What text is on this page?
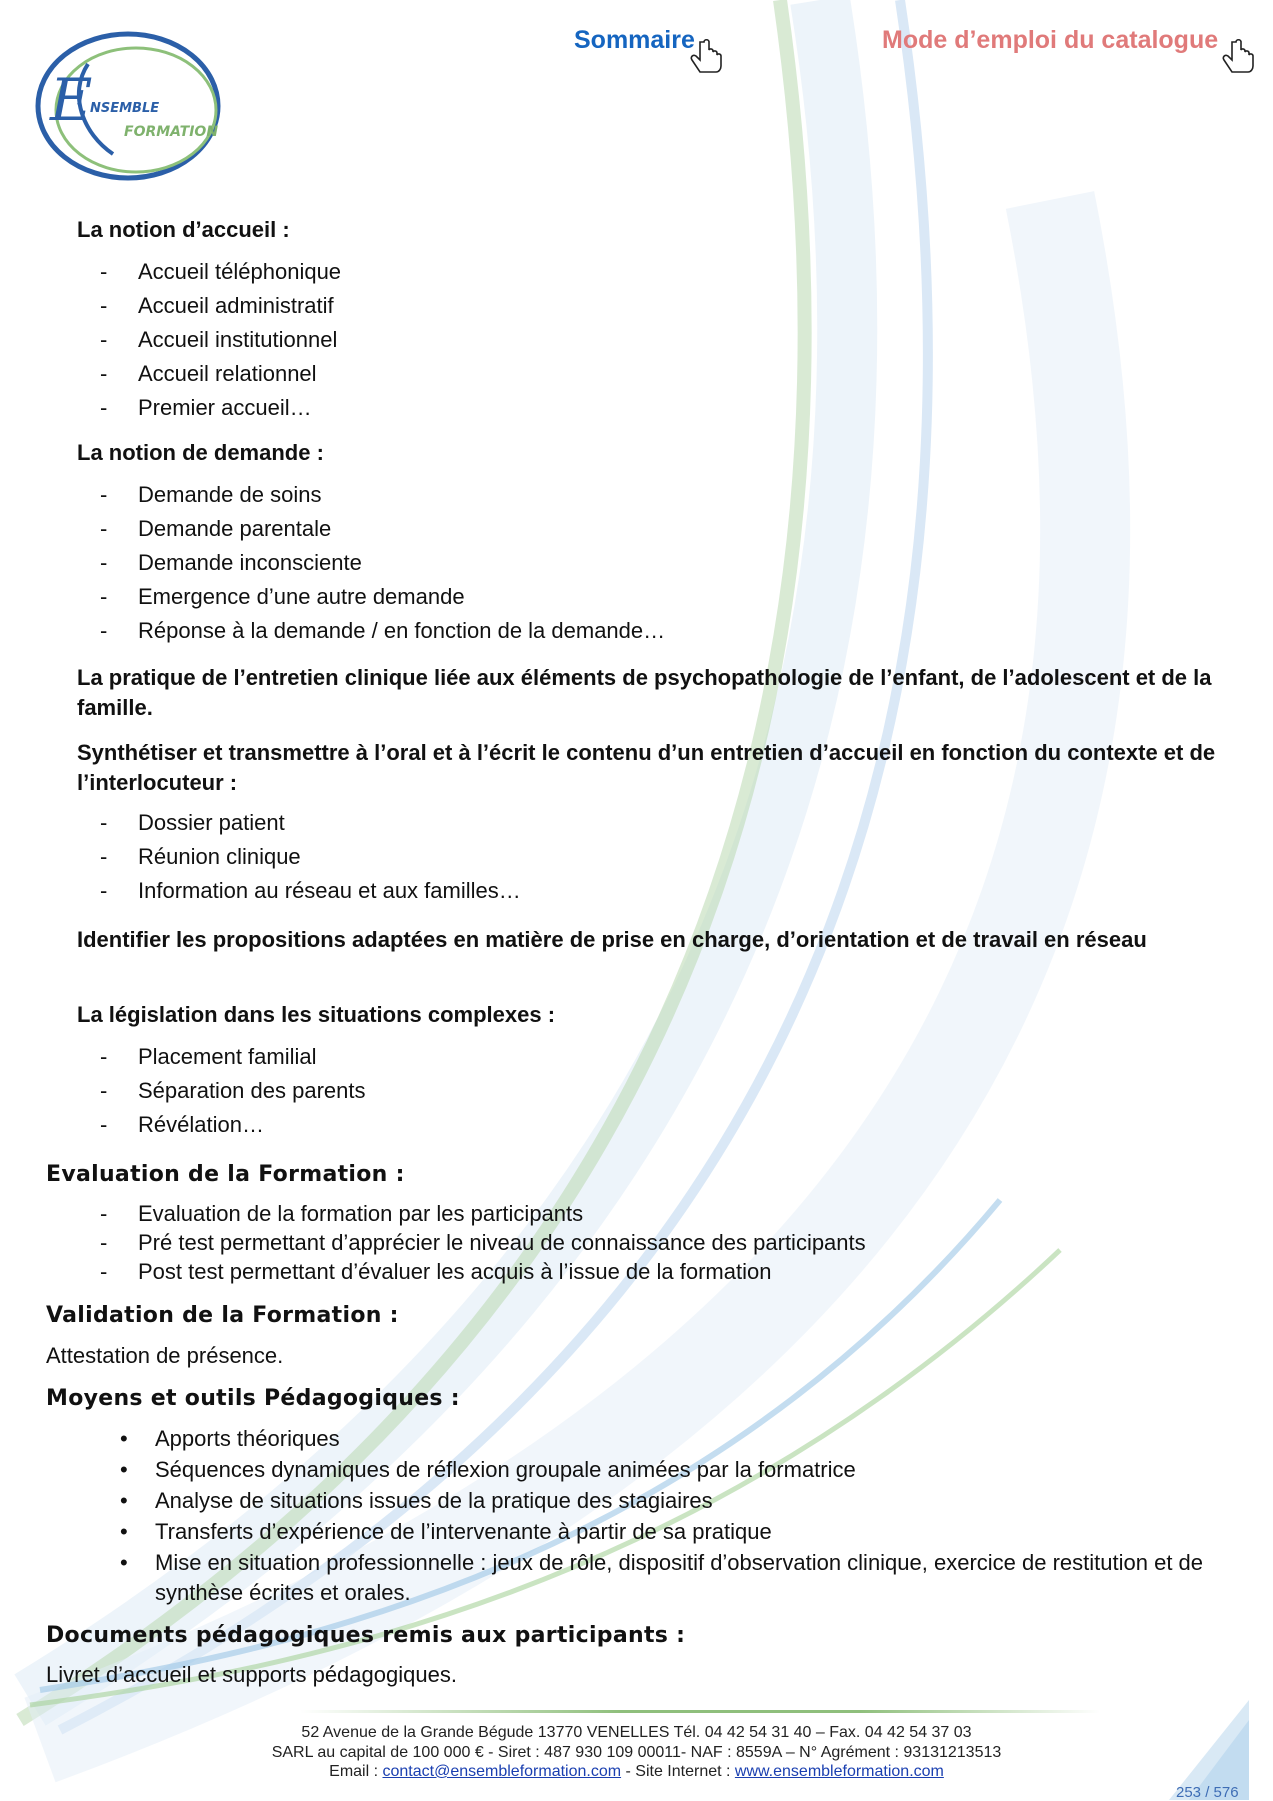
E
NSEMBLE
FORMATION
Sommaire	Mode d’emploi du catalogue
La notion d’accueil :
- Accueil téléphonique
- Accueil administratif
- Accueil institutionnel
- Accueil relationnel
- Premier accueil…
La notion de demande :
- Demande de soins
- Demande parentale
- Demande inconsciente
- Emergence d’une autre demande
- Réponse à la demande / en fonction de la demande…
La pratique de l’entretien clinique liée aux éléments de psychopathologie de l’enfant, de l’adolescent et de la famille.
Synthétiser et transmettre à l’oral et à l’écrit le contenu d’un entretien d’accueil en fonction du contexte et de l’interlocuteur :
- Dossier patient
- Réunion clinique
- Information au réseau et aux familles…
Identifier les propositions adaptées en matière de prise en charge, d’orientation et de travail en réseau
La législation dans les situations complexes :
- Placement familial
- Séparation des parents
- Révélation…
Evaluation de la Formation :
- Evaluation de la formation par les participants
- Pré test permettant d’apprécier le niveau de connaissance des participants
- Post test permettant d’évaluer les acquis à l’issue de la formation
Validation de la Formation :
Attestation de présence.
Moyens et outils Pédagogiques :
• Apports théoriques
• Séquences dynamiques de réflexion groupale animées par la formatrice
• Analyse de situations issues de la pratique des stagiaires
• Transferts d’expérience de l’intervenante à partir de sa pratique
• Mise en situation professionnelle : jeux de rôle, dispositif d’observation clinique, exercice de restitution et de synthèse écrites et orales.
Documents pédagogiques remis aux participants :
Livret d’accueil et supports pédagogiques.
52 Avenue de la Grande Bégude 13770 VENELLES Tél. 04 42 54 31 40 – Fax. 04 42 54 37 03
SARL au capital de 100 000 € - Siret : 487 930 109 00011- NAF : 8559A – N° Agrément : 93131213513
Email : contact@ensembleformation.com - Site Internet : www.ensembleformation.com
253 / 576
